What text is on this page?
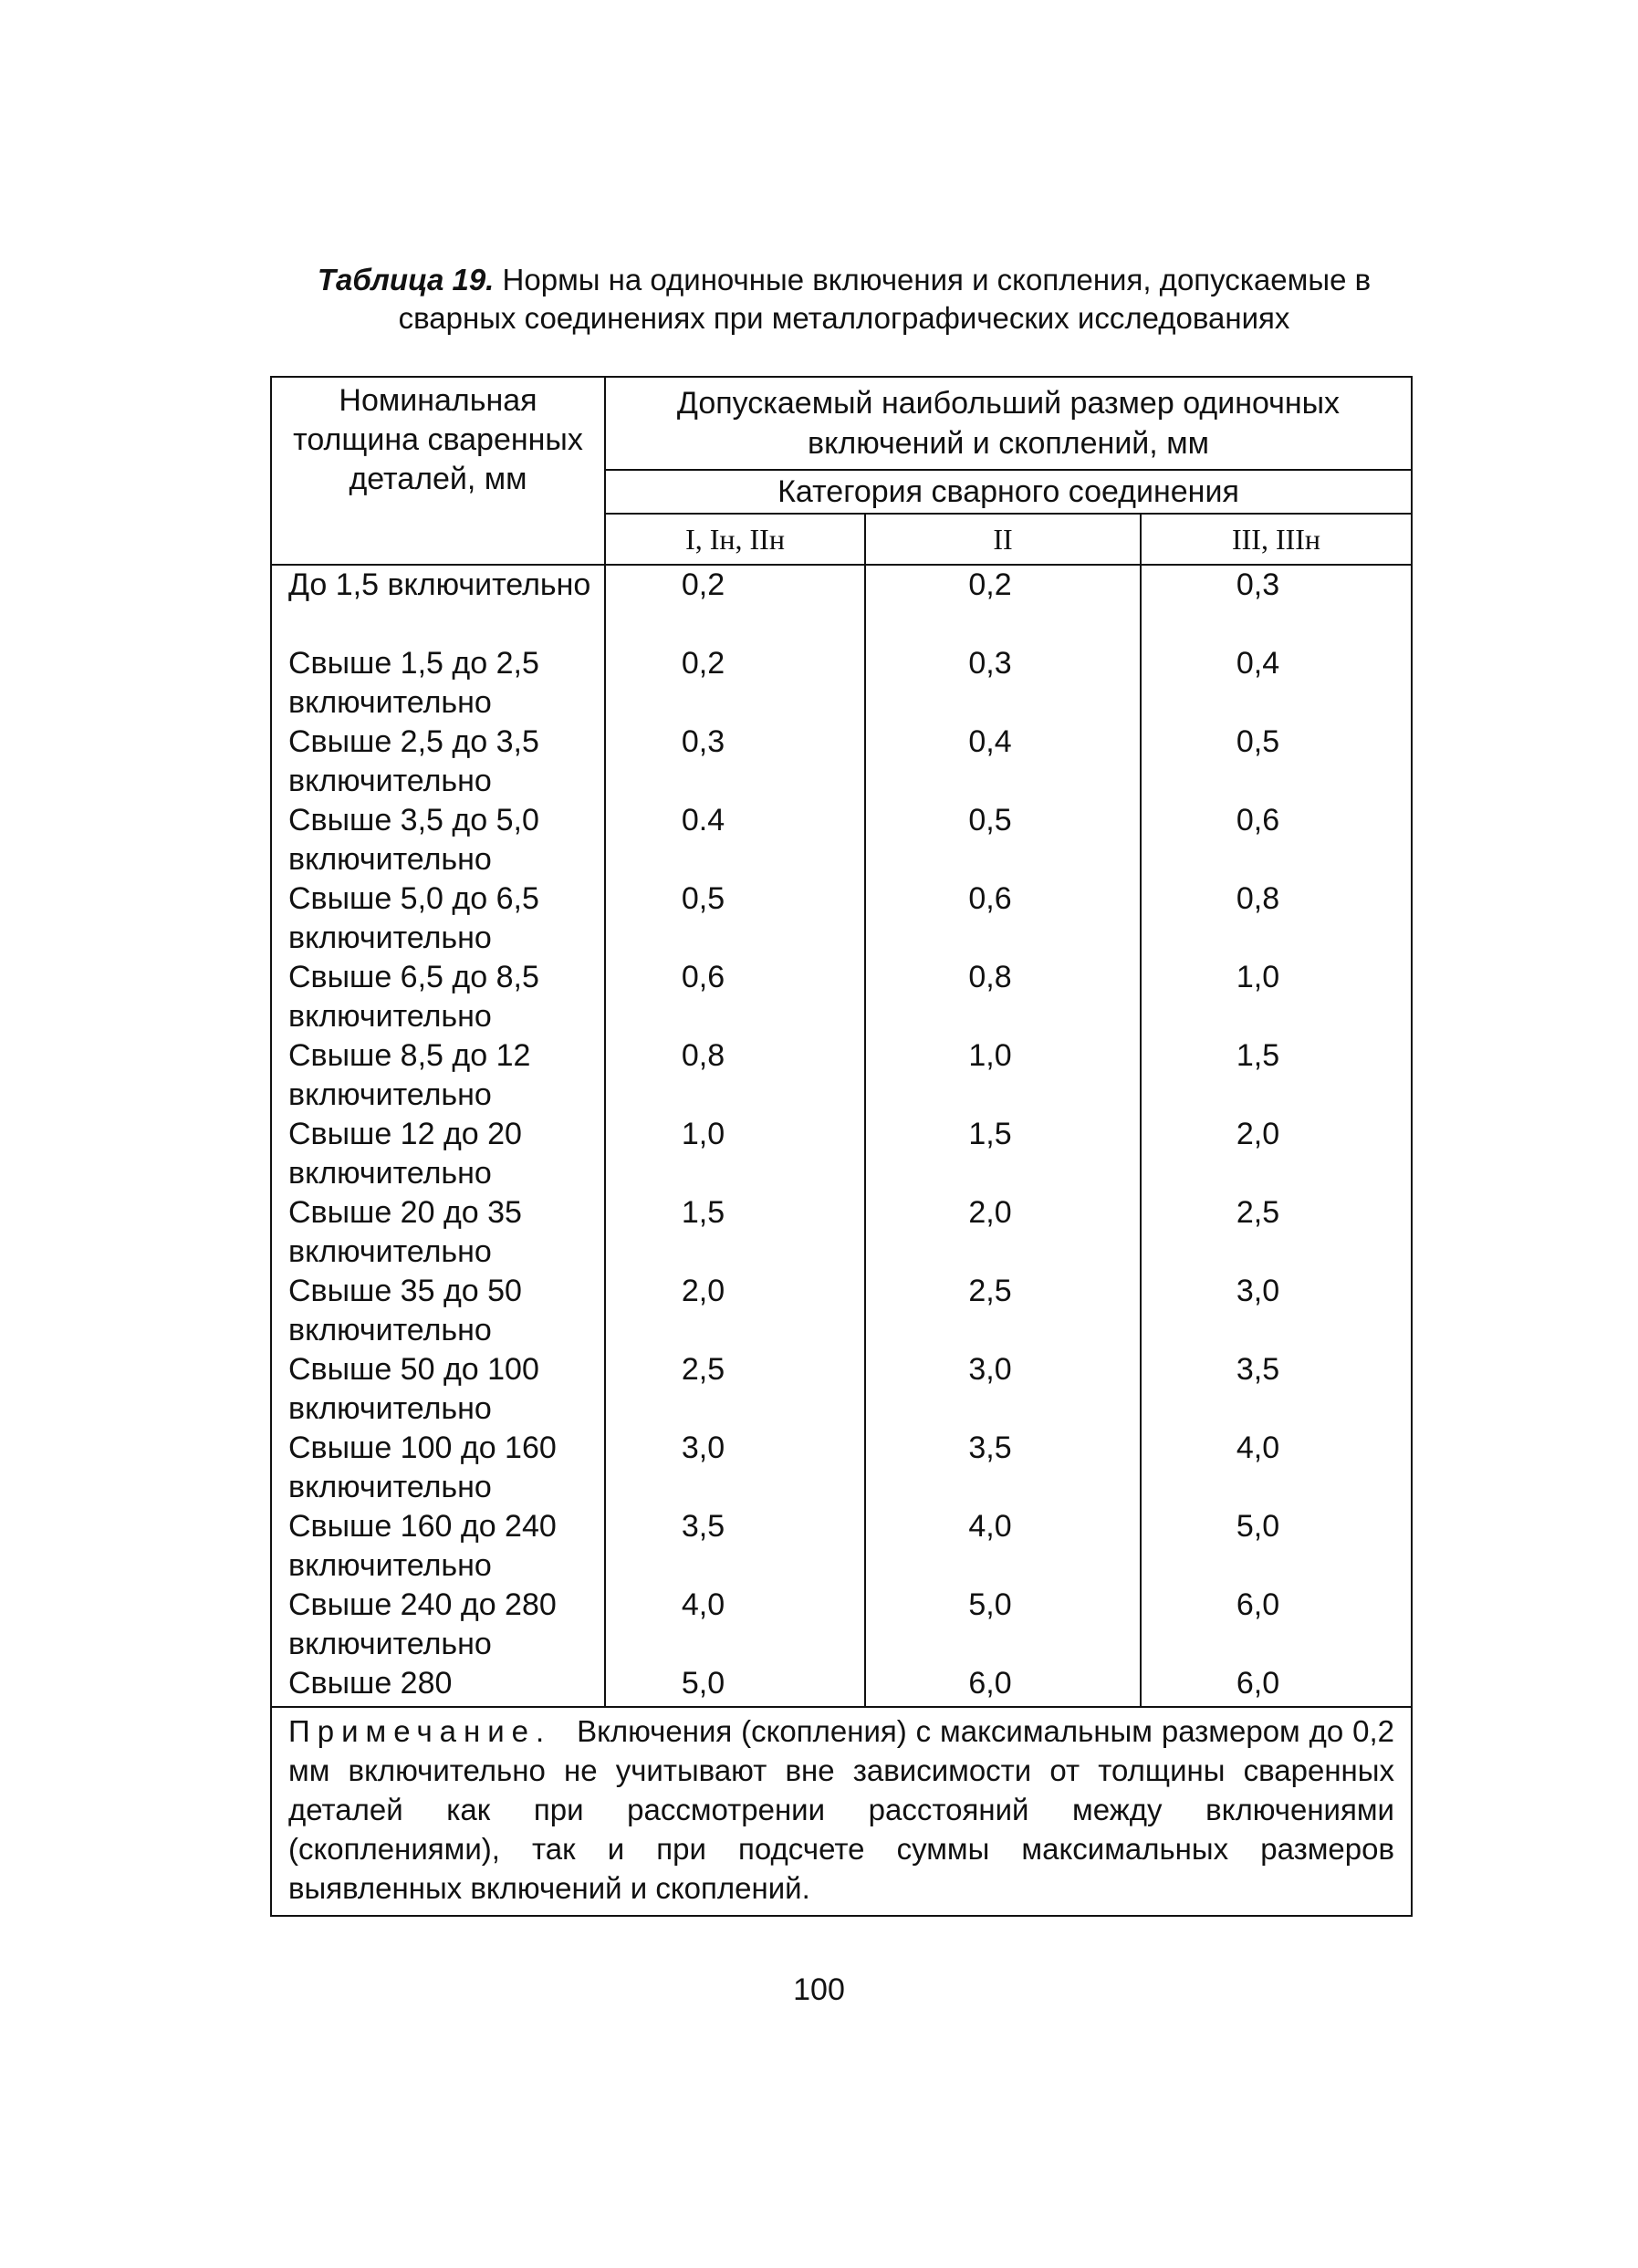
Таблица 19. Нормы на одиночные включения и скопления, допускаемые в сварных соединениях при металлографических исследованиях
Номинальная толщина сваренных деталей, мм	Допускаемый наибольший размер одиночных включений и скоплений, мм		
	Категория сварного соединения		
	I, Iн, IIн	II	III, IIIн
До 1,5 включительно	0,2	0,2	0,3
Свыше 1,5 до 2,5 включительно	0,2	0,3	0,4
Свыше 2,5 до 3,5 включительно	0,3	0,4	0,5
Свыше 3,5 до 5,0 включительно	0.4	0,5	0,6
Свыше 5,0 до 6,5 включительно	0,5	0,6	0,8
Свыше 6,5 до 8,5 включительно	0,6	0,8	1,0
Свыше 8,5 до 12 включительно	0,8	1,0	1,5
Свыше 12 до 20 включительно	1,0	1,5	2,0
Свыше 20 до 35 включительно	1,5	2,0	2,5
Свыше 35 до 50 включительно	2,0	2,5	3,0
Свыше 50 до 100 включительно	2,5	3,0	3,5
Свыше 100 до 160 включительно	3,0	3,5	4,0
Свыше 160 до 240 включительно	3,5	4,0	5,0
Свыше 240 до 280 включительно	4,0	5,0	6,0
Свыше 280	5,0	6,0	6,0
Примечание. Включения (скопления) с максимальным размером до 0,2 мм включительно не учитывают вне зависимости от толщины сваренных деталей как при рассмотрении расстояний между включениями (скоплениями), так и при подсчете суммы максимальных размеров выявленных включений и скоплений.			
100
